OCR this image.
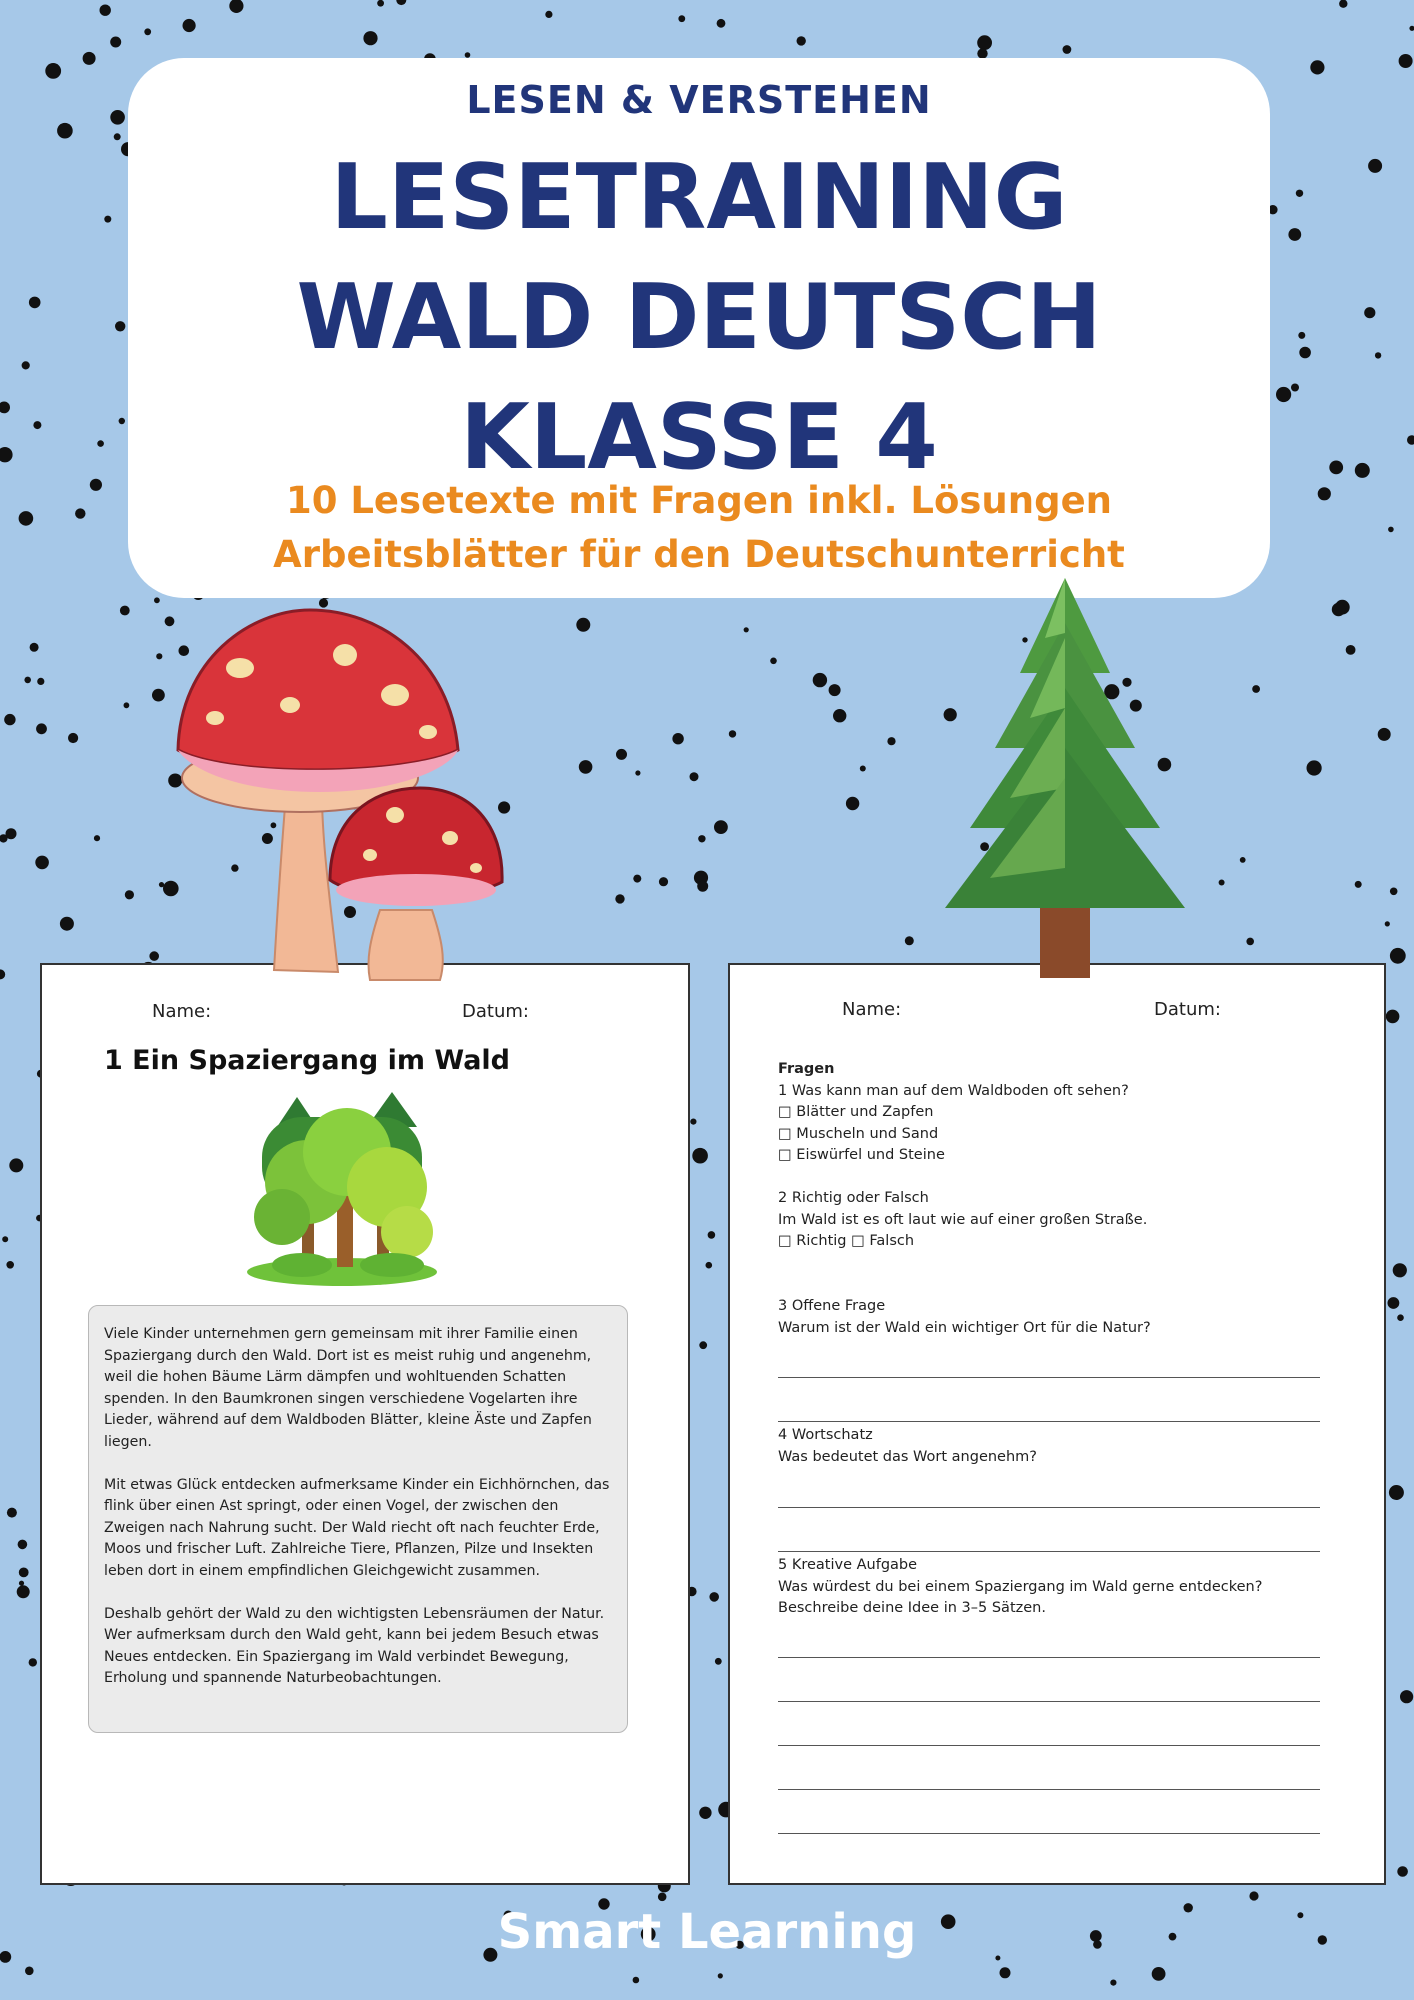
LESEN & VERSTEHEN
LESETRAINING
WALD DEUTSCH
KLASSE 4
10 Lesetexte mit Fragen inkl. Lösungen
Arbeitsblätter für den Deutschunterricht
Name:	Datum:
1 Ein Spaziergang im Wald

Viele Kinder unternehmen gern gemeinsam mit ihrer Familie einen Spaziergang durch den Wald. Dort ist es meist ruhig und angenehm, weil die hohen Bäume Lärm dämpfen und wohltuenden Schatten spenden. In den Baumkronen singen verschiedene Vogelarten ihre Lieder, während auf dem Waldboden Blätter, kleine Äste und Zapfen liegen.

Mit etwas Glück entdecken aufmerksame Kinder ein Eichhörnchen, das flink über einen Ast springt, oder einen Vogel, der zwischen den Zweigen nach Nahrung sucht. Der Wald riecht oft nach feuchter Erde, Moos und frischer Luft. Zahlreiche Tiere, Pflanzen, Pilze und Insekten leben dort in einem empfindlichen Gleichgewicht zusammen.

Deshalb gehört der Wald zu den wichtigsten Lebensräumen der Natur. Wer aufmerksam durch den Wald geht, kann bei jedem Besuch etwas Neues entdecken. Ein Spaziergang im Wald verbindet Bewegung, Erholung und spannende Naturbeobachtungen.

Name:	Datum:
Fragen
1 Was kann man auf dem Waldboden oft sehen?
□ Blätter und Zapfen
□ Muscheln und Sand
□ Eiswürfel und Steine
2 Richtig oder Falsch
Im Wald ist es oft laut wie auf einer großen Straße.
□ Richtig □ Falsch
3 Offene Frage
Warum ist der Wald ein wichtiger Ort für die Natur?
4 Wortschatz
Was bedeutet das Wort angenehm?
5 Kreative Aufgabe
Was würdest du bei einem Spaziergang im Wald gerne entdecken?
Beschreibe deine Idee in 3–5 Sätzen.
Smart Learning
